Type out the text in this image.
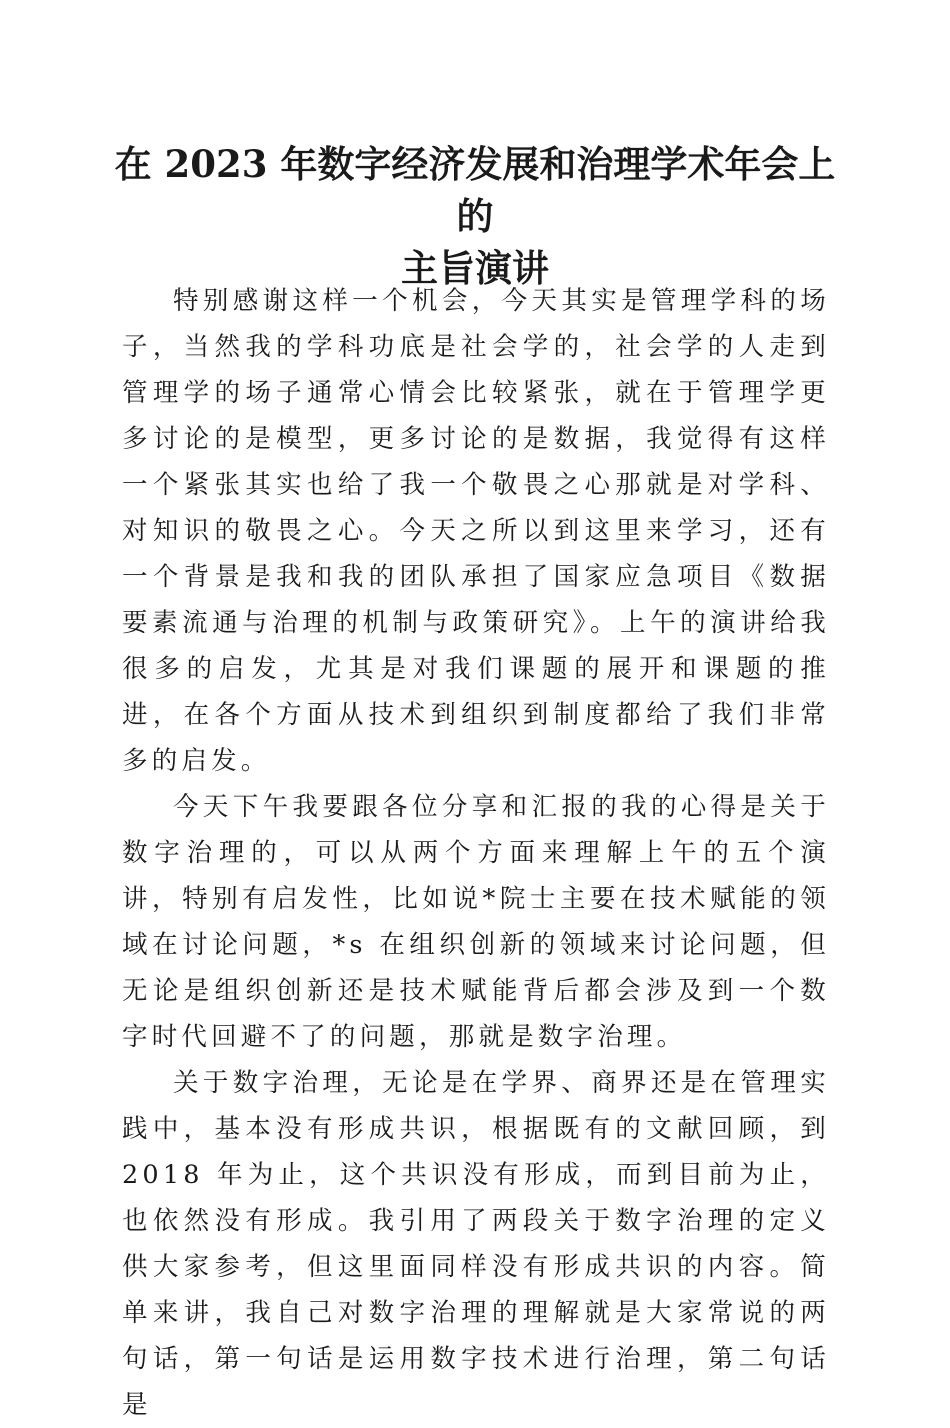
在 2023 年数字经济发展和治理学术年会上的
主旨演讲

特别感谢这样一个机会，今天其实是管理学科的场子，当然我的学科功底是社会学的，社会学的人走到管理学的场子通常心情会比较紧张，就在于管理学更多讨论的是模型，更多讨论的是数据，我觉得有这样一个紧张其实也给了我一个敬畏之心那就是对学科、对知识的敬畏之心。今天之所以到这里来学习，还有一个背景是我和我的团队承担了国家应急项目《数据要素流通与治理的机制与政策研究》。上午的演讲给我很多的启发，尤其是对我们课题的展开和课题的推进，在各个方面从技术到组织到制度都给了我们非常多的启发。

今天下午我要跟各位分享和汇报的我的心得是关于数字治理的，可以从两个方面来理解上午的五个演讲，特别有启发性，比如说*院士主要在技术赋能的领域在讨论问题，*s 在组织创新的领域来讨论问题，但无论是组织创新还是技术赋能背后都会涉及到一个数字时代回避不了的问题，那就是数字治理。

关于数字治理，无论是在学界、商界还是在管理实践中，基本没有形成共识，根据既有的文献回顾，到 2018 年为止，这个共识没有形成，而到目前为止，也依然没有形成。我引用了两段关于数字治理的定义供大家参考，但这里面同样没有形成共识的内容。简单来讲，我自己对数字治理的理解就是大家常说的两句话，第一句话是运用数字技术进行治理，第二句话是
